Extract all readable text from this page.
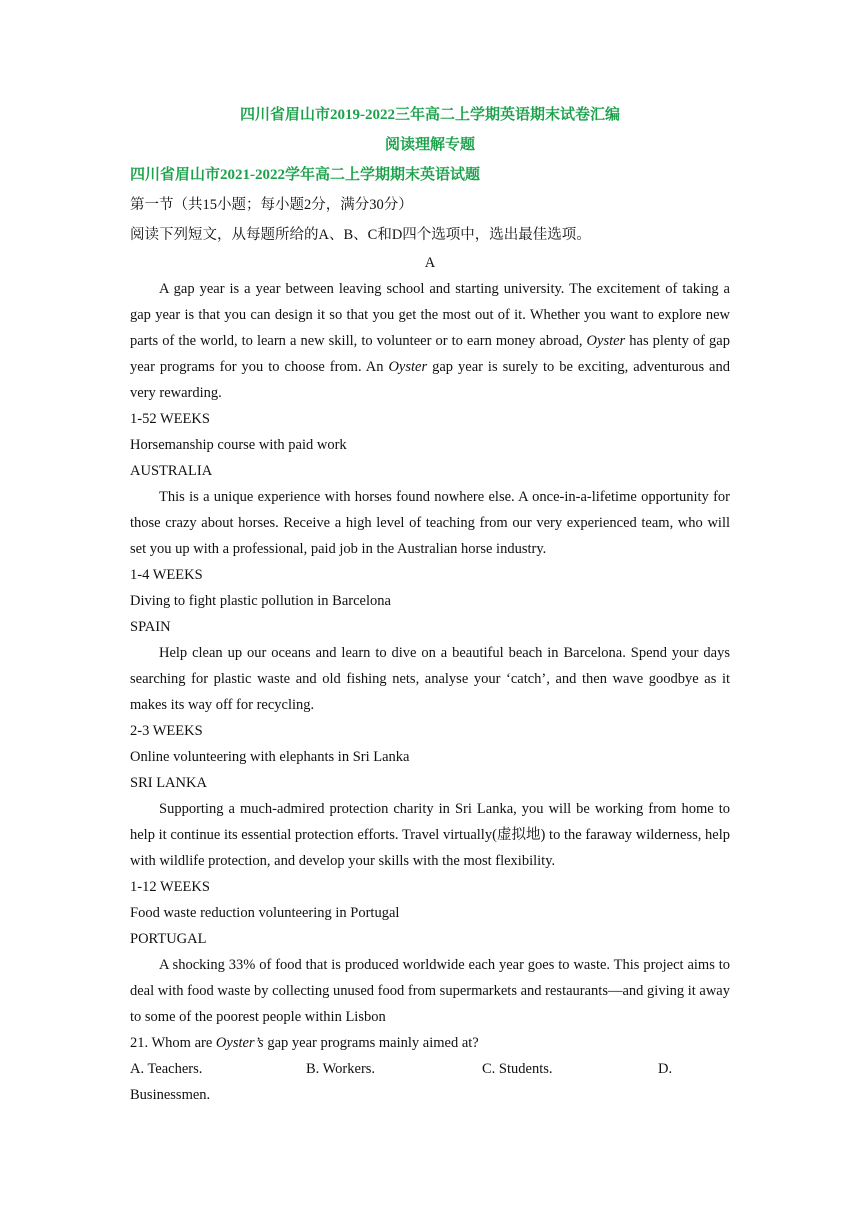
四川省眉山市2019-2022三年高二上学期英语期末试卷汇编

阅读理解专题

四川省眉山市2021-2022学年高二上学期期末英语试题

第一节（共15小题；每小题2分，满分30分）

阅读下列短文，从每题所给的A、B、C和D四个选项中，选出最佳选项。

A

A gap year is a year between leaving school and starting university. The excitement of taking a gap year is that you can design it so that you get the most out of it. Whether you want to explore new parts of the world, to learn a new skill, to volunteer or to earn money abroad, Oyster has plenty of gap year programs for you to choose from. An Oyster gap year is surely to be exciting, adventurous and very rewarding.

1-52 WEEKS

Horsemanship course with paid work

AUSTRALIA

This is a unique experience with horses found nowhere else. A once-in-a-lifetime opportunity for those crazy about horses. Receive a high level of teaching from our very experienced team, who will set you up with a professional, paid job in the Australian horse industry.

1-4 WEEKS

Diving to fight plastic pollution in Barcelona

SPAIN

Help clean up our oceans and learn to dive on a beautiful beach in Barcelona. Spend your days searching for plastic waste and old fishing nets, analyse your ‘catch’, and then wave goodbye as it makes its way off for recycling.

2-3 WEEKS

Online volunteering with elephants in Sri Lanka

SRI LANKA

Supporting a much-admired protection charity in Sri Lanka, you will be working from home to help it continue its essential protection efforts. Travel virtually(虚拟地) to the faraway wilderness, help with wildlife protection, and develop your skills with the most flexibility.

1-12 WEEKS

Food waste reduction volunteering in Portugal

PORTUGAL

A shocking 33% of food that is produced worldwide each year goes to waste. This project aims to deal with food waste by collecting unused food from supermarkets and restaurants—and giving it away to some of the poorest people within Lisbon

21. Whom are Oyster’s gap year programs mainly aimed at?

A. Teachers.	B. Workers.	C. Students.	D.

Businessmen.
